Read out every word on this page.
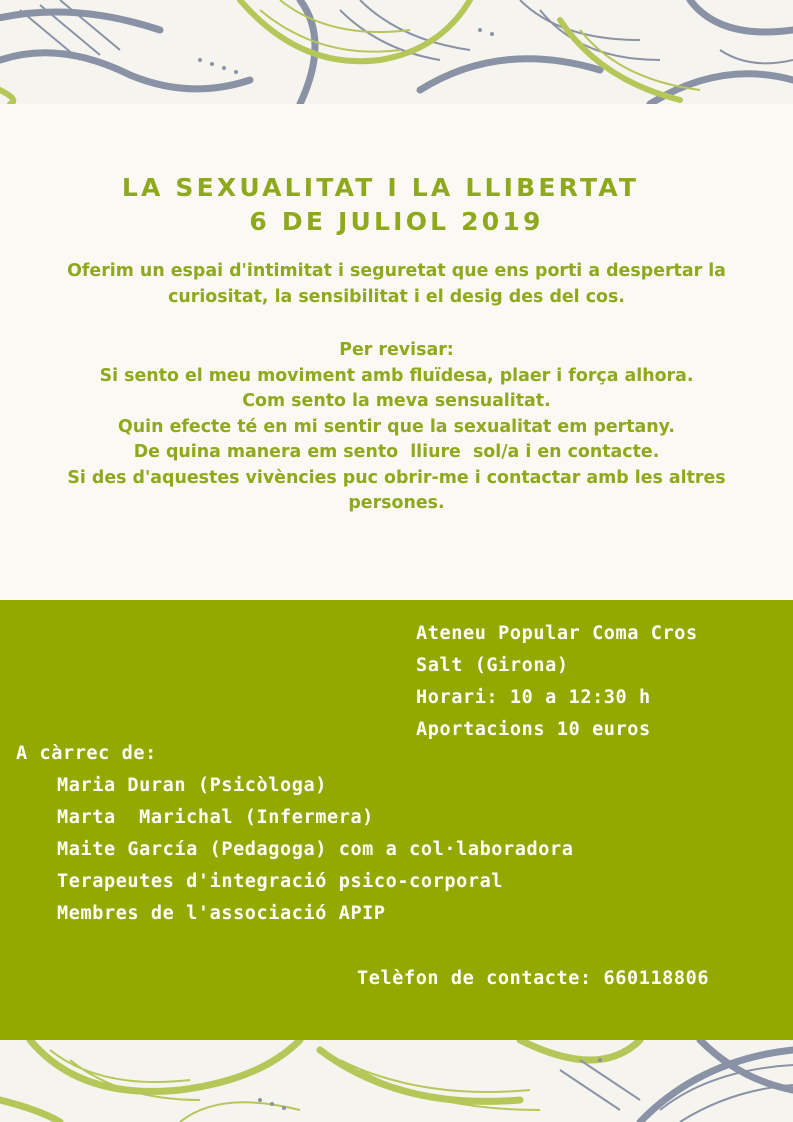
LA SEXUALITAT I LA LLIBERTAT
6 DE JULIOL 2019
Oferim un espai d'intimitat i seguretat que ens porti a despertar la
curiositat, la sensibilitat i el desig des del cos.
Per revisar:
Si sento el meu moviment amb fluïdesa, plaer i força alhora.
Com sento la meva sensualitat.
Quin efecte té en mi sentir que la sexualitat em pertany.
De quina manera em sento  lliure  sol/a i en contacte.
Si des d'aquestes vivències puc obrir-me i contactar amb les altres
persones.
Ateneu Popular Coma Cros
Salt (Girona)
Horari: 10 a 12:30 h
Aportacions 10 euros
A càrrec de:
Maria Duran (Psicòloga)
Marta  Marichal (Infermera)
Maite García (Pedagoga) com a col·laboradora
Terapeutes d'integració psico-corporal
Membres de l'associació APIP
Telèfon de contacte: 660118806
